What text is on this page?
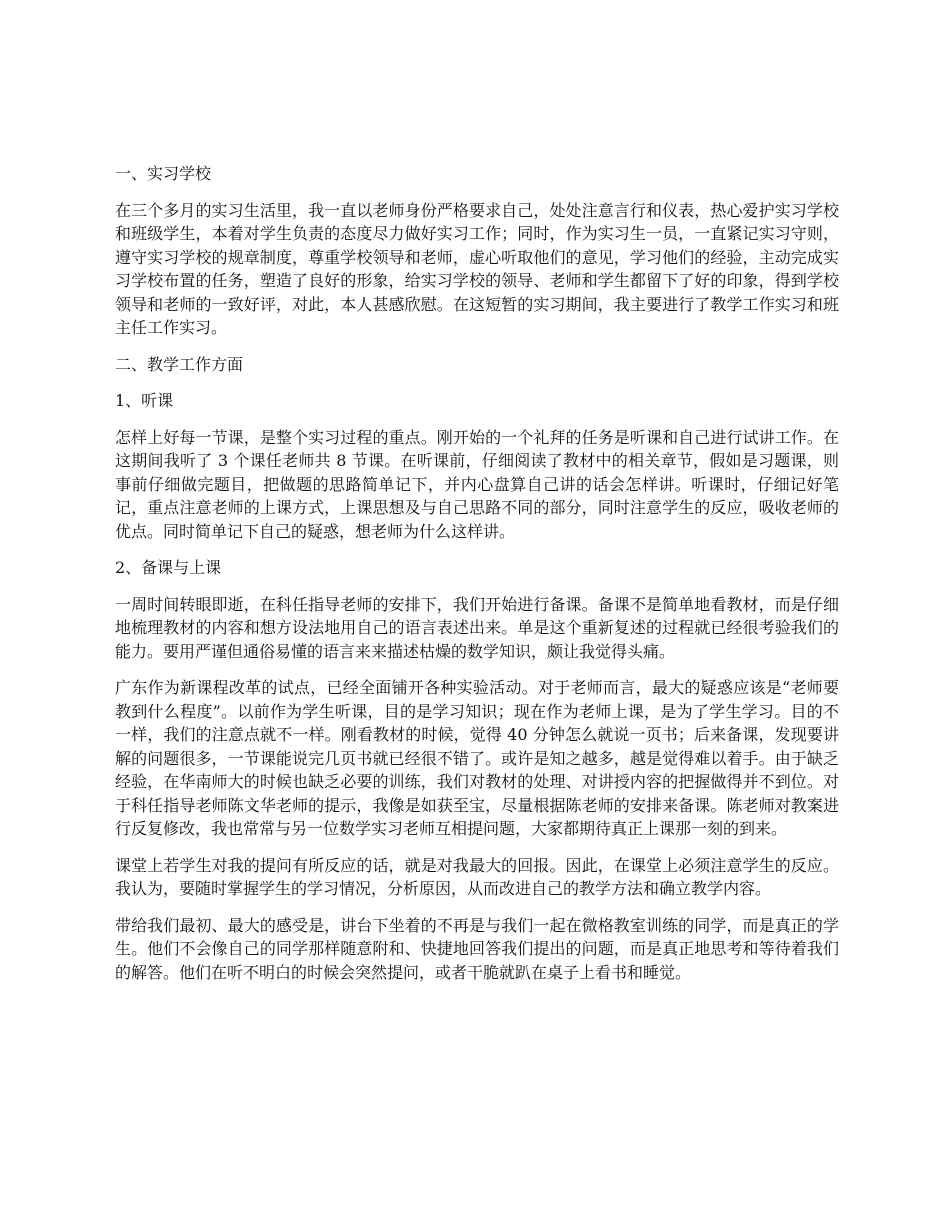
一、实习学校
在三个多月的实习生活里，我一直以老师身份严格要求自己，处处注意言行和仪表，热心爱护实习学校和班级学生，本着对学生负责的态度尽力做好实习工作；同时，作为实习生一员，一直紧记实习守则，遵守实习学校的规章制度，尊重学校领导和老师，虚心听取他们的意见，学习他们的经验，主动完成实习学校布置的任务，塑造了良好的形象，给实习学校的领导、老师和学生都留下了好的印象，得到学校领导和老师的一致好评，对此，本人甚感欣慰。在这短暂的实习期间，我主要进行了教学工作实习和班主任工作实习。
二、教学工作方面
1、听课
怎样上好每一节课，是整个实习过程的重点。刚开始的一个礼拜的任务是听课和自己进行试讲工作。在这期间我听了 3 个课任老师共 8 节课。在听课前，仔细阅读了教材中的相关章节，假如是习题课，则事前仔细做完题目，把做题的思路简单记下，并内心盘算自己讲的话会怎样讲。听课时，仔细记好笔记，重点注意老师的上课方式，上课思想及与自己思路不同的部分，同时注意学生的反应，吸收老师的优点。同时简单记下自己的疑惑，想老师为什么这样讲。
2、备课与上课
一周时间转眼即逝，在科任指导老师的安排下，我们开始进行备课。备课不是简单地看教材，而是仔细地梳理教材的内容和想方设法地用自己的语言表述出来。单是这个重新复述的过程就已经很考验我们的能力。要用严谨但通俗易懂的语言来来描述枯燥的数学知识，颇让我觉得头痛。
广东作为新课程改革的试点，已经全面铺开各种实验活动。对于老师而言，最大的疑惑应该是“老师要教到什么程度”。以前作为学生听课，目的是学习知识；现在作为老师上课，是为了学生学习。目的不一样，我们的注意点就不一样。刚看教材的时候，觉得 40 分钟怎么就说一页书；后来备课，发现要讲解的问题很多，一节课能说完几页书就已经很不错了。或许是知之越多，越是觉得难以着手。由于缺乏经验，在华南师大的时候也缺乏必要的训练，我们对教材的处理、对讲授内容的把握做得并不到位。对于科任指导老师陈文华老师的提示，我像是如获至宝，尽量根据陈老师的安排来备课。陈老师对教案进行反复修改，我也常常与另一位数学实习老师互相提问题，大家都期待真正上课那一刻的到来。
课堂上若学生对我的提问有所反应的话，就是对我最大的回报。因此，在课堂上必须注意学生的反应。我认为，要随时掌握学生的学习情况，分析原因，从而改进自己的教学方法和确立教学内容。
带给我们最初、最大的感受是，讲台下坐着的不再是与我们一起在微格教室训练的同学，而是真正的学生。他们不会像自己的同学那样随意附和、快捷地回答我们提出的问题，而是真正地思考和等待着我们的解答。他们在听不明白的时候会突然提问，或者干脆就趴在桌子上看书和睡觉。
